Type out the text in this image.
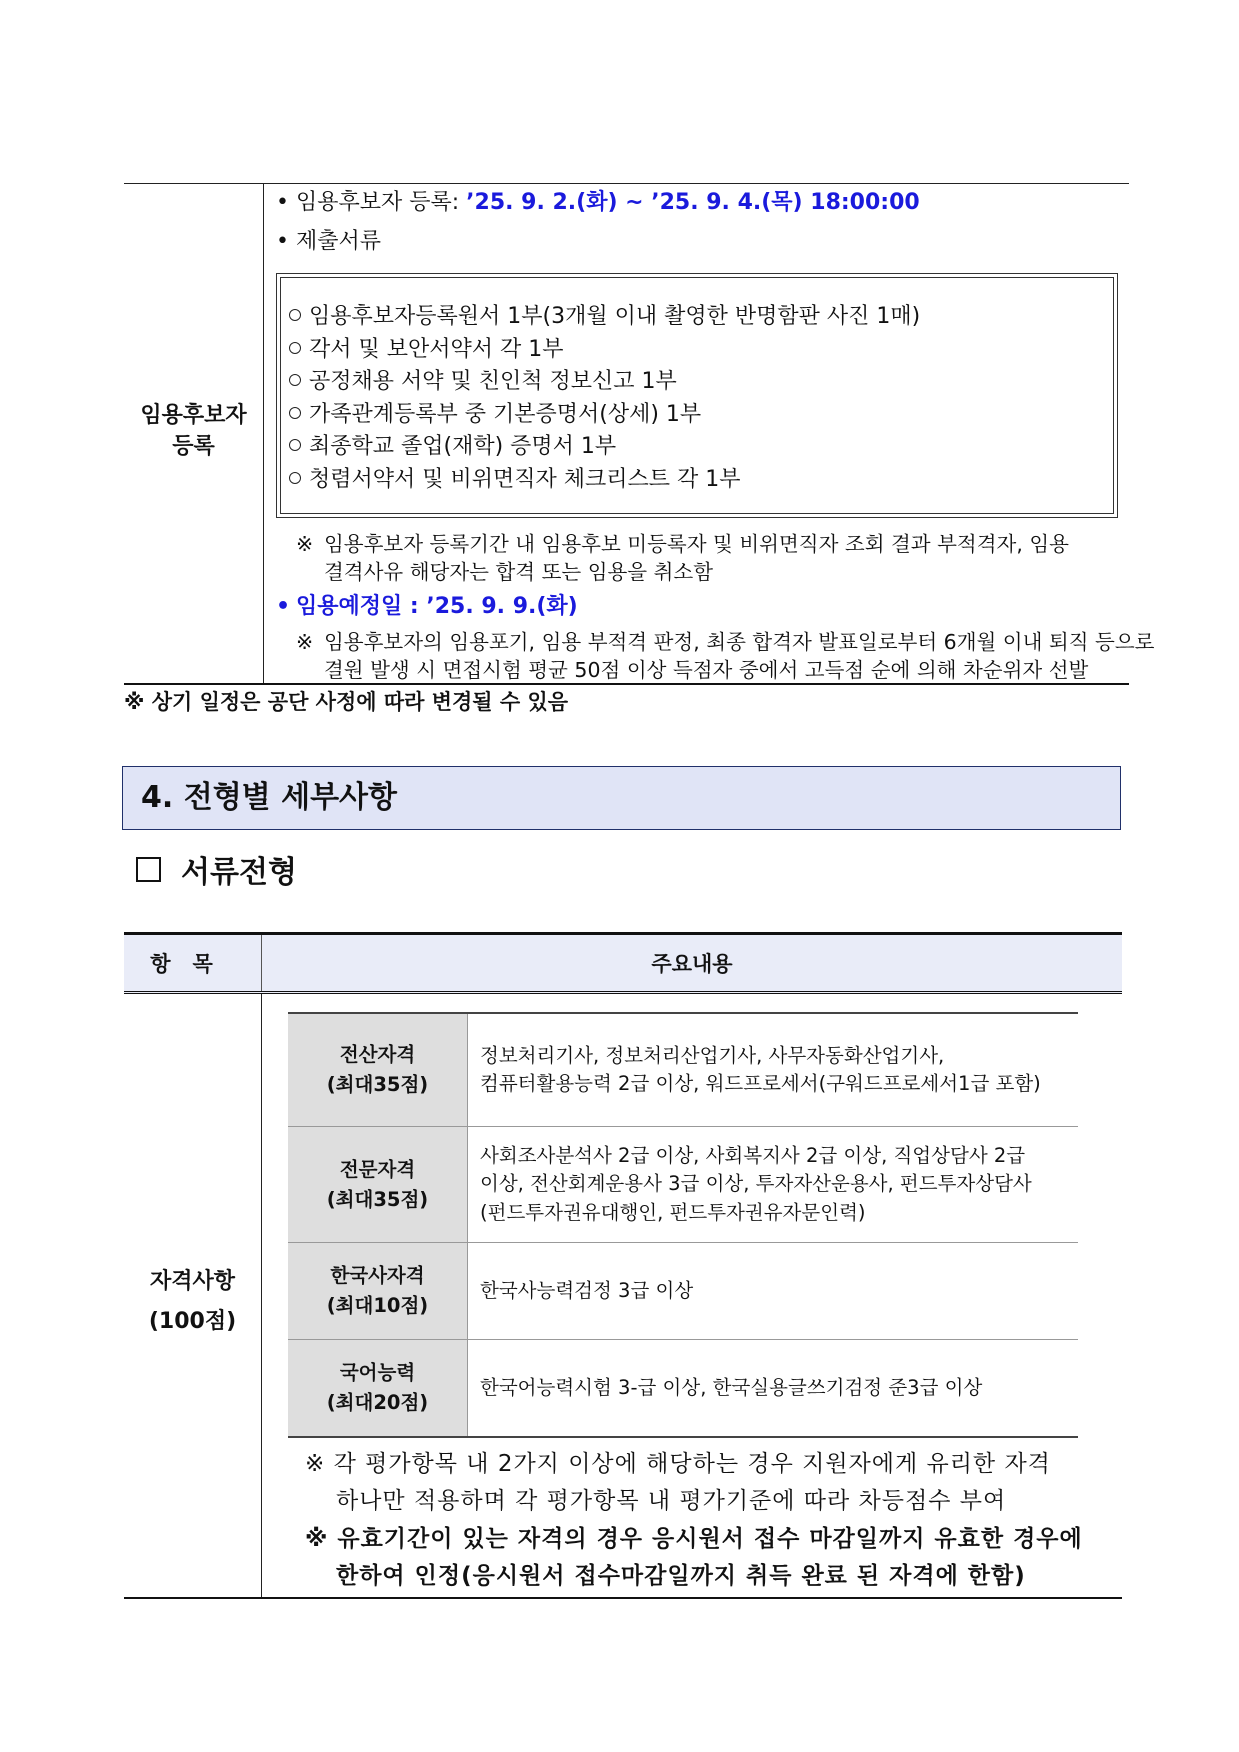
임용후보자
등록
• 임용후보자 등록: ’25. 9. 2.(화) ~ ’25. 9. 4.(목) 18:00:00
• 제출서류
임용후보자등록원서 1부(3개월 이내 촬영한 반명함판 사진 1매)
각서 및 보안서약서 각 1부
공정채용 서약 및 친인척 정보신고 1부
가족관계등록부 중 기본증명서(상세) 1부
최종학교 졸업(재학) 증명서 1부
청렴서약서 및 비위면직자 체크리스트 각 1부
※ 임용후보자 등록기간 내 임용후보 미등록자 및 비위면직자 조회 결과 부적격자, 임용
결격사유 해당자는 합격 또는 임용을 취소함
• 임용예정일 : ’25. 9. 9.(화)
※ 임용후보자의 임용포기, 임용 부적격 판정, 최종 합격자 발표일로부터 6개월 이내 퇴직 등으로
결원 발생 시 면접시험 평균 50점 이상 득점자 중에서 고득점 순에 의해 차순위자 선발
※ 상기 일정은 공단 사정에 따라 변경될 수 있음
4. 전형별 세부사항
서류전형
항목	주요내용
자격사항
(100점)
전산자격
(최대35점)
정보처리기사, 정보처리산업기사, 사무자동화산업기사,
컴퓨터활용능력 2급 이상, 워드프로세서(구워드프로세서1급 포함)
전문자격
(최대35점)
사회조사분석사 2급 이상, 사회복지사 2급 이상, 직업상담사 2급
이상, 전산회계운용사 3급 이상, 투자자산운용사, 펀드투자상담사
(펀드투자권유대행인, 펀드투자권유자문인력)
한국사자격
(최대10점)
한국사능력검정 3급 이상
국어능력
(최대20점)
한국어능력시험 3-급 이상, 한국실용글쓰기검정 준3급 이상
※ 각 평가항목 내 2가지 이상에 해당하는 경우 지원자에게 유리한 자격
하나만 적용하며 각 평가항목 내 평가기준에 따라 차등점수 부여
※ 유효기간이 있는 자격의 경우 응시원서 접수 마감일까지 유효한 경우에
한하여 인정(응시원서 접수마감일까지 취득 완료 된 자격에 한함)
